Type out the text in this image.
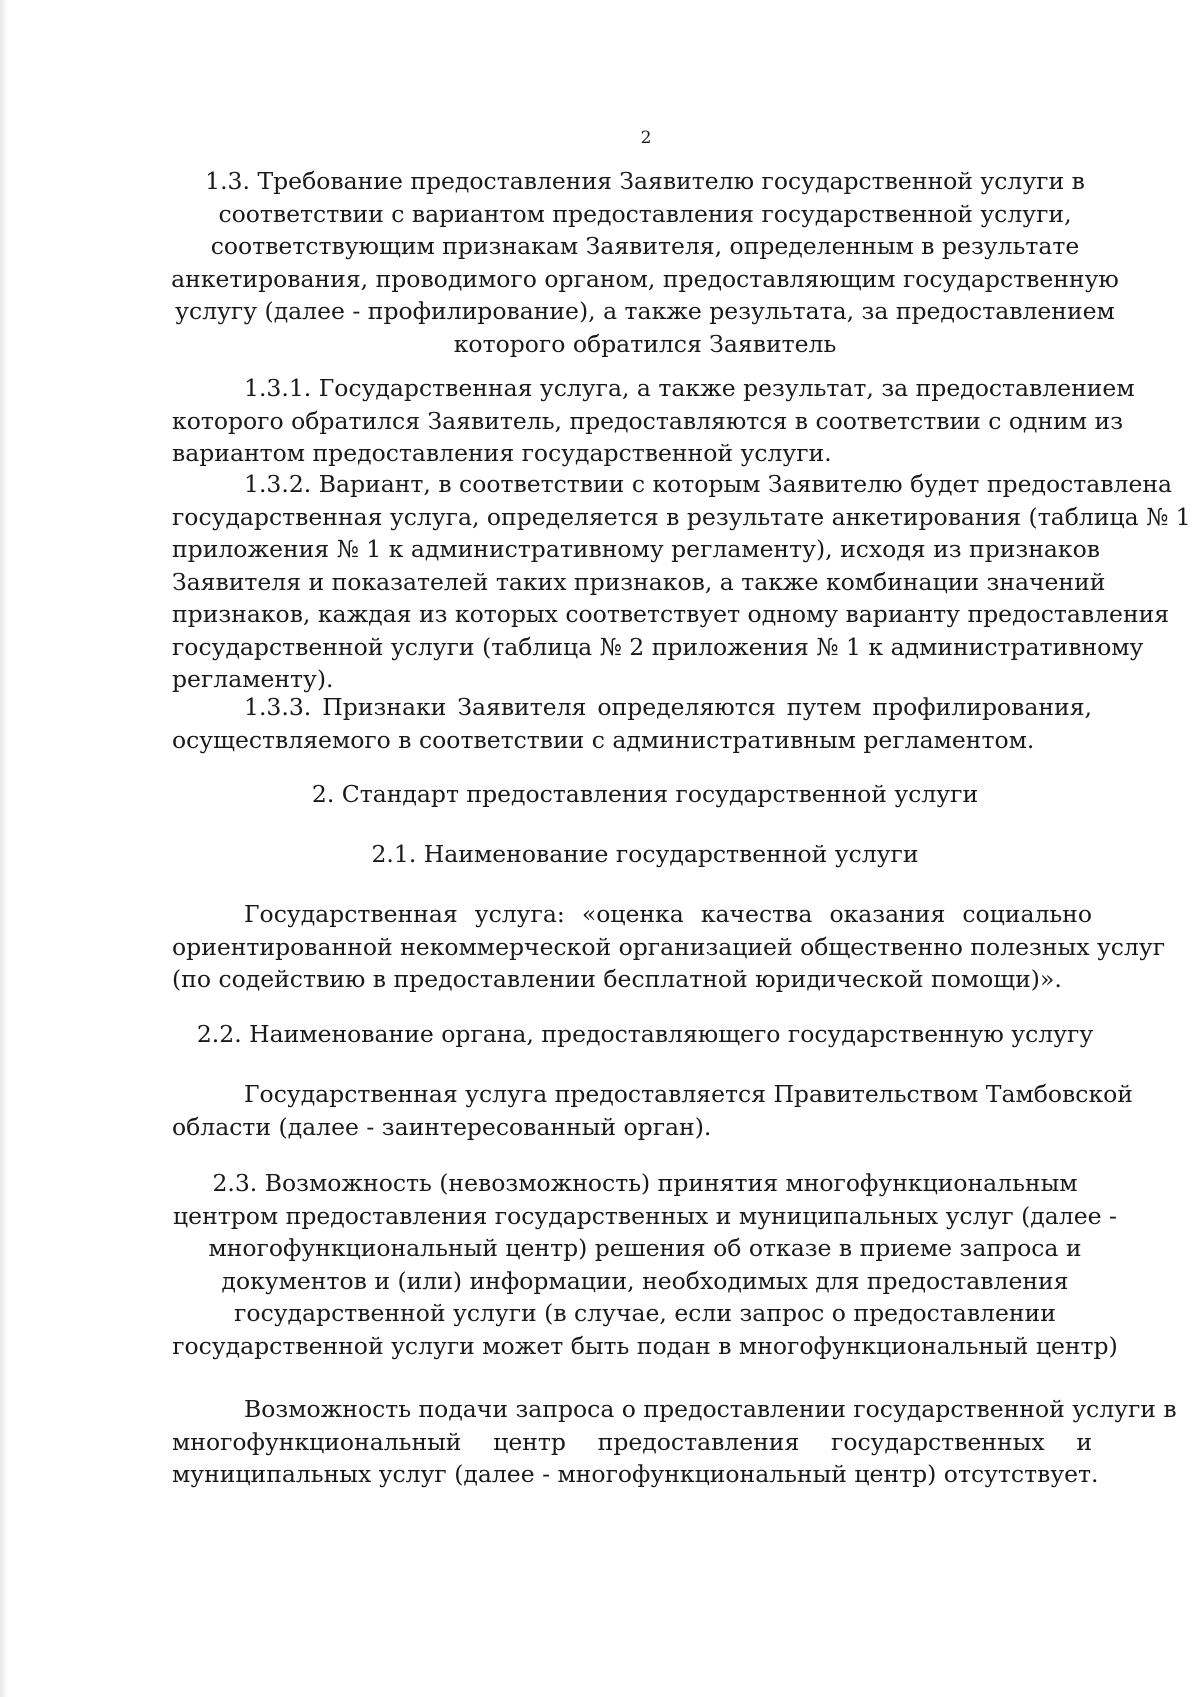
2
1.3. Требование предоставления Заявителю государственной услуги в
соответствии с вариантом предоставления государственной услуги,
соответствующим признакам Заявителя, определенным в результате
анкетирования, проводимого органом, предоставляющим государственную
услугу (далее - профилирование), а также результата, за предоставлением
которого обратился Заявитель
1.3.1. Государственная услуга, а также результат, за предоставлением
которого обратился Заявитель, предоставляются в соответствии с одним из
вариантом предоставления государственной услуги.
1.3.2. Вариант, в соответствии с которым Заявителю будет предоставлена
государственная услуга, определяется в результате анкетирования (таблица № 1
приложения № 1 к административному регламенту), исходя из признаков
Заявителя и показателей таких признаков, а также комбинации значений
признаков, каждая из которых соответствует одному варианту предоставления
государственной услуги (таблица № 2 приложения № 1 к административному
регламенту).
1.3.3. Признаки Заявителя определяются путем профилирования,
осуществляемого в соответствии с административным регламентом.
2. Стандарт предоставления государственной услуги
2.1. Наименование государственной услуги
Государственная услуга: «оценка качества оказания социально
ориентированной некоммерческой организацией общественно полезных услуг
(по содействию в предоставлении бесплатной юридической помощи)».
2.2. Наименование органа, предоставляющего государственную услугу
Государственная услуга предоставляется Правительством Тамбовской
области (далее - заинтересованный орган).
2.3. Возможность (невозможность) принятия многофункциональным
центром предоставления государственных и муниципальных услуг (далее -
многофункциональный центр) решения об отказе в приеме запроса и
документов и (или) информации, необходимых для предоставления
государственной услуги (в случае, если запрос о предоставлении
государственной услуги может быть подан в многофункциональный центр)
Возможность подачи запроса о предоставлении государственной услуги в
многофункциональный центр предоставления государственных и
муниципальных услуг (далее - многофункциональный центр) отсутствует.
